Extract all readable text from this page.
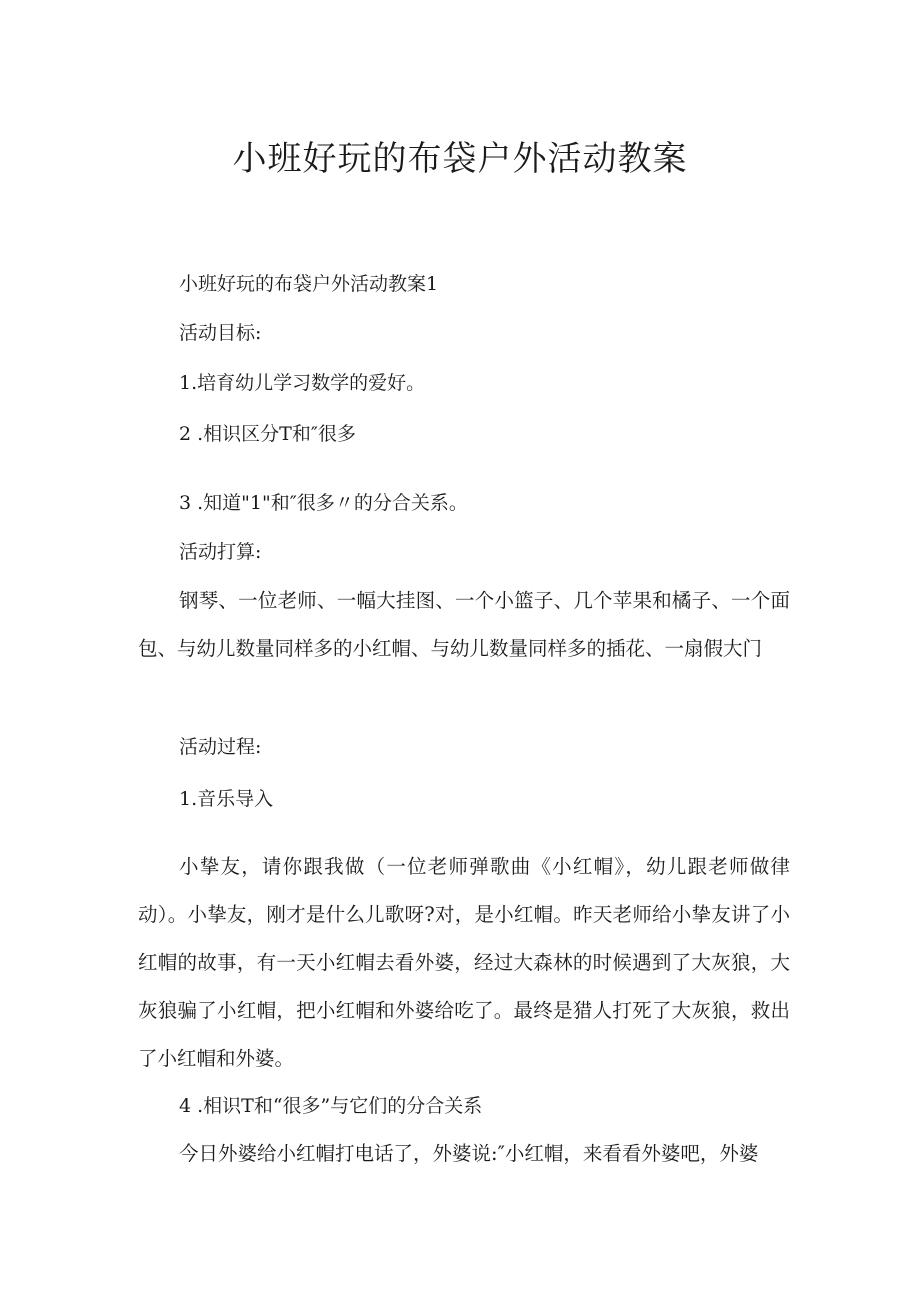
小班好玩的布袋户外活动教案

小班好玩的布袋户外活动教案1

活动目标:

1.培育幼儿学习数学的爱好。

2 .相识区分T和″很多

3 .知道"1"和″很多〃的分合关系。

活动打算:

钢琴、一位老师、一幅大挂图、一个小篮子、几个苹果和橘子、一个面包、与幼儿数量同样多的小红帽、与幼儿数量同样多的插花、一扇假大门

活动过程:

1.音乐导入

小挚友，请你跟我做（一位老师弹歌曲《小红帽》，幼儿跟老师做律动）。小挚友，刚才是什么儿歌呀?对，是小红帽。昨天老师给小挚友讲了小红帽的故事，有一天小红帽去看外婆，经过大森林的时候遇到了大灰狼，大灰狼骗了小红帽，把小红帽和外婆给吃了。最终是猎人打死了大灰狼，救出了小红帽和外婆。

4 .相识T和“很多”与它们的分合关系

今日外婆给小红帽打电话了，外婆说:″小红帽，来看看外婆吧，外婆
